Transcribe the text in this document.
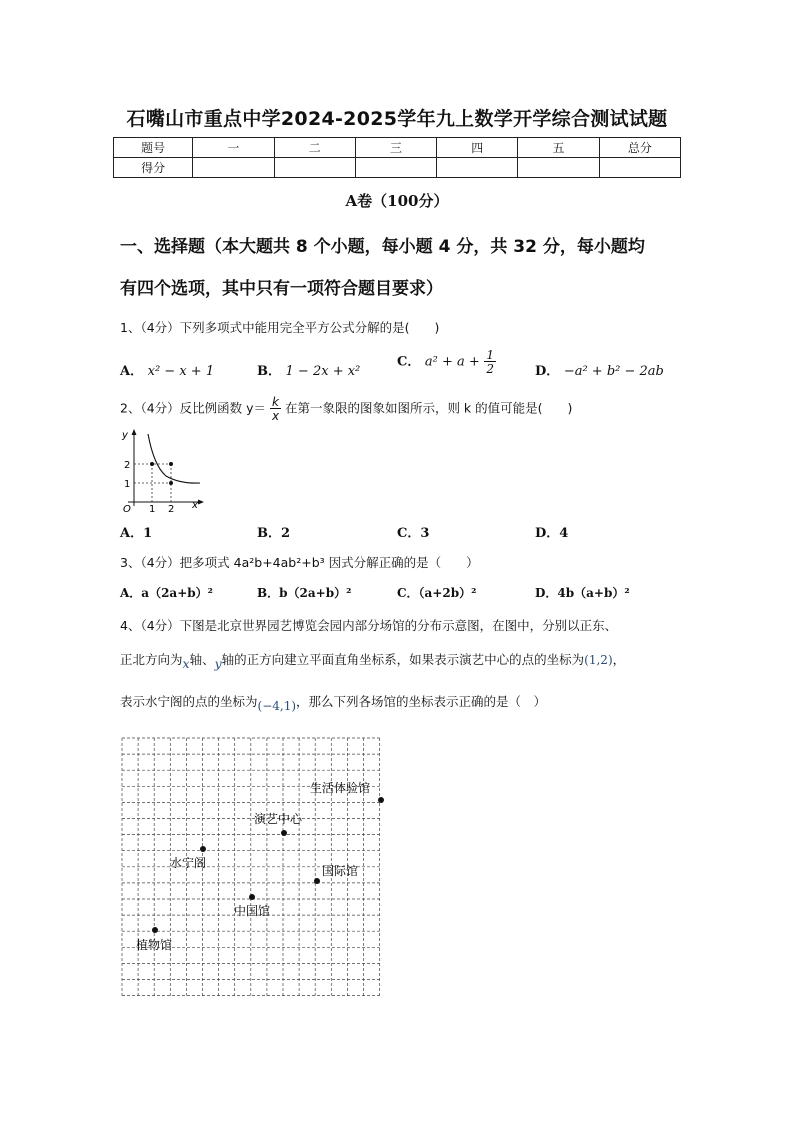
石嘴山市重点中学2024-2025学年九上数学开学综合测试试题
题号	一	二	三	四	五	总分
得分						
A卷（100分）
一、选择题（本大题共 8 个小题，每小题 4 分，共 32 分，每小题均
有四个选项，其中只有一项符合题目要求）
1、（4分）下列多项式中能用完全平方公式分解的是(　　)
A． x² − x + 1	B． 1 − 2x + x²
C． $a^2 + a + \frac{1}{2}$	D． −a² + b² − 2ab
2、（4分）反比例函数 $y= \frac{k}{x}$ 在第一象限的图象如图所示，则 k 的值可能是(　　)
y
x
O
2
1
1 2
A．1	B．2	C．3	D．4
3、（4分）把多项式 4a²b+4ab²+b³ 因式分解正确的是（　　）
A．a（2a+b）²	B．b（2a+b）²	C．（a+2b）²	D．4b（a+b）²
4、（4分）下图是北京世界园艺博览会园内部分场馆的分布示意图，在图中，分别以正东、
正北方向为x轴、y轴的正方向建立平面直角坐标系，如果表示演艺中心的点的坐标为(1,2)，
表示水宁阁的点的坐标为(−4,1)，那么下列各场馆的坐标表示正确的是（　）
生活体验馆
演艺中心
水宁阁
国际馆
中国馆
植物馆
